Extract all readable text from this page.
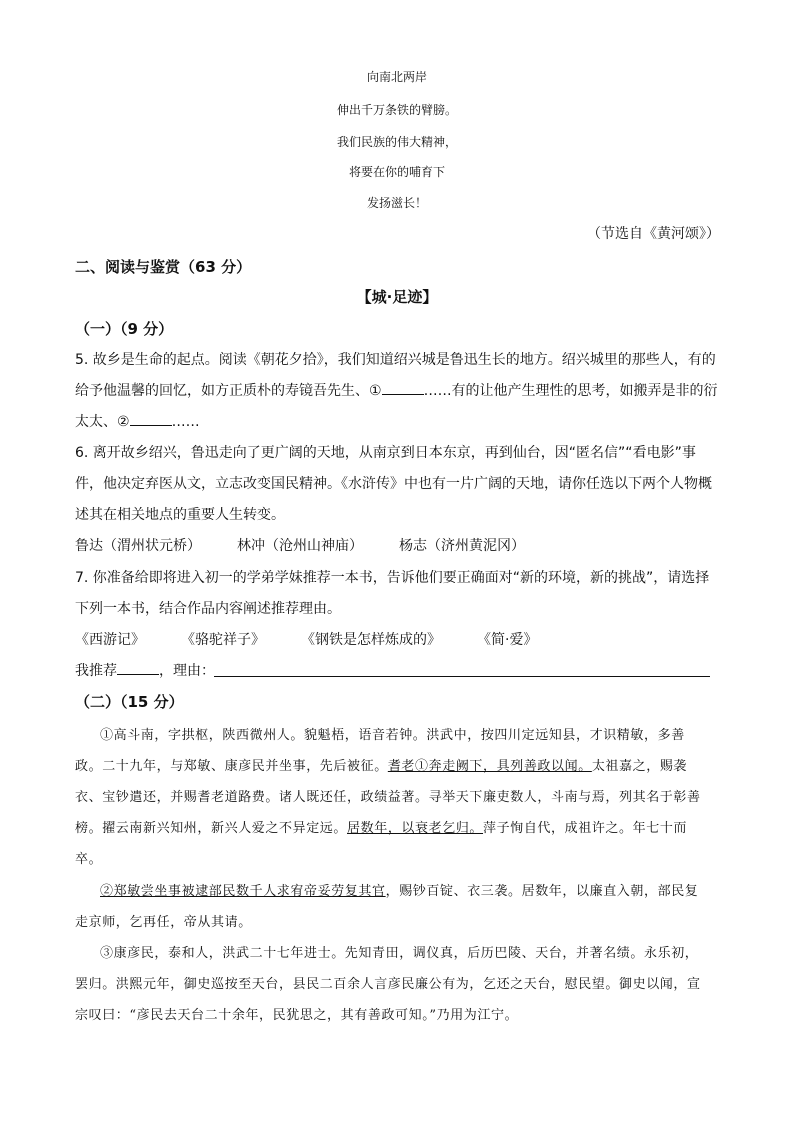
向南北两岸
伸出千万条铁的臂膀。
我们民族的伟大精神，
将要在你的哺育下
发扬滋长！
（节选自《黄河颂》）
二、阅读与鉴赏（63 分）
【城·足迹】
（一）（9 分）
5. 故乡是生命的起点。阅读《朝花夕拾》，我们知道绍兴城是鲁迅生长的地方。绍兴城里的那些人，有的
给予他温馨的回忆，如方正质朴的寿镜吾先生、①	……有的让他产生理性的思考，如搬弄是非的衍
太太、②	……
6. 离开故乡绍兴，鲁迅走向了更广阔的天地，从南京到日本东京，再到仙台，因“匿名信”“看电影”事
件，他决定弃医从文，立志改变国民精神。《水浒传》中也有一片广阔的天地，请你任选以下两个人物概
述其在相关地点的重要人生转变。
鲁达（渭州状元桥）	林冲（沧州山神庙）	杨志（济州黄泥冈）
7. 你准备给即将进入初一的学弟学妹推荐一本书，告诉他们要正确面对“新的环境，新的挑战”，请选择
下列一本书，结合作品内容阐述推荐理由。
《西游记》	《骆驼祥子》	《钢铁是怎样炼成的》	《简·爱》
我推荐	，理由：
（二）（15 分）
①高斗南，字拱枢，陕西微州人。貌魁梧，语音若钟。洪武中，按四川定远知县，才识精敏，多善
政。二十九年，与郑敏、康彦民并坐事，先后被征。耆老①奔走阙下，具列善政以闻。太祖嘉之，赐袭
衣、宝钞遣还，并赐耆老道路费。诸人既还任，政绩益著。寻举天下廉吏数人，斗南与焉，列其名于彰善
榜。擢云南新兴知州，新兴人爱之不异定远。居数年，以衰老乞归。萍子恂自代，成祖许之。年七十而
卒。
②郑敏尝坐事被逮部民数千人求宥帝妥劳复其官，赐钞百锭、衣三袭。居数年，以廉直入朝，部民复
走京师，乞再任，帝从其请。
③康彦民，泰和人，洪武二十七年进士。先知青田，调仪真，后历巴陵、天台，并著名绩。永乐初，
罢归。洪熙元年，御史巡按至天台，县民二百余人言彦民廉公有为，乞还之天台，慰民望。御史以闻，宣
宗叹曰：“彦民去天台二十余年，民犹思之，其有善政可知。”乃用为江宁。
